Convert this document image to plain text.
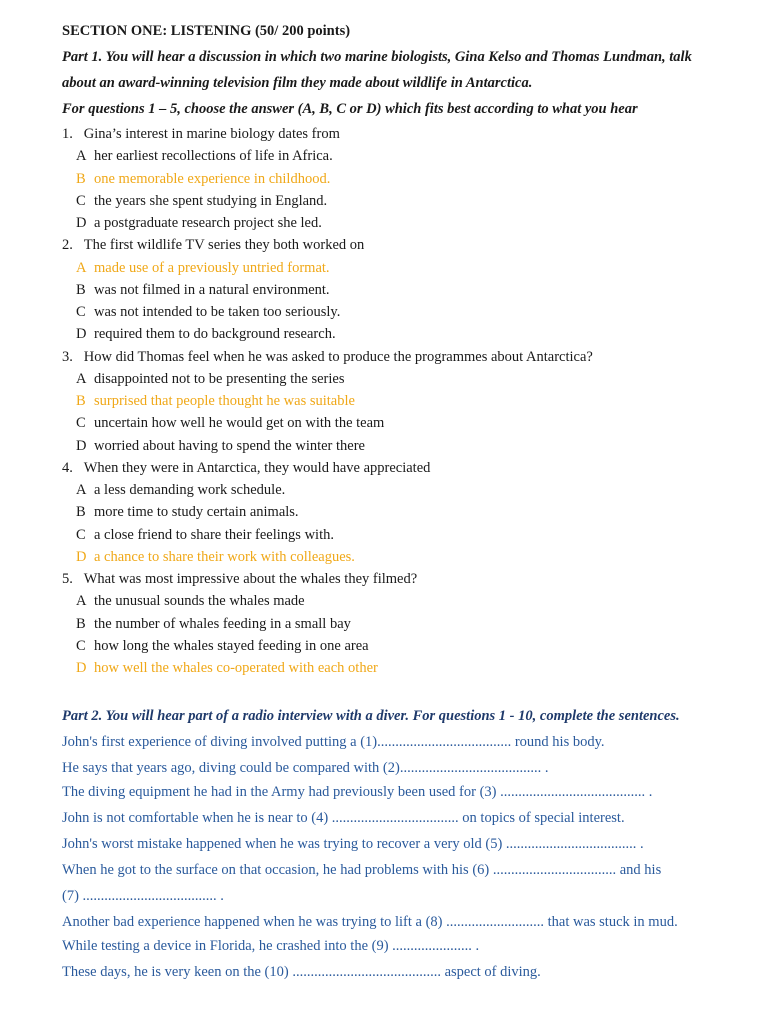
SECTION ONE: LISTENING (50/ 200 points)
Part 1. You will hear a discussion in which two marine biologists, Gina Kelso and Thomas Lundman, talk
about an award-winning television film they made about wildlife in Antarctica.
For questions 1 – 5, choose the answer (A, B, C or D) which fits best according to what you hear
1. Gina’s interest in marine biology dates from
A her earliest recollections of life in Africa.
B one memorable experience in childhood.
C the years she spent studying in England.
D a postgraduate research project she led.
2. The first wildlife TV series they both worked on
A made use of a previously untried format.
B was not filmed in a natural environment.
C was not intended to be taken too seriously.
D required them to do background research.
3. How did Thomas feel when he was asked to produce the programmes about Antarctica?
A disappointed not to be presenting the series
B surprised that people thought he was suitable
C uncertain how well he would get on with the team
D worried about having to spend the winter there
4. When they were in Antarctica, they would have appreciated
A a less demanding work schedule.
B more time to study certain animals.
C a close friend to share their feelings with.
D a chance to share their work with colleagues.
5. What was most impressive about the whales they filmed?
A the unusual sounds the whales made
B the number of whales feeding in a small bay
C how long the whales stayed feeding in one area
D how well the whales co-operated with each other
Part 2. You will hear part of a radio interview with a diver. For questions 1 - 10, complete the sentences.
John's first experience of diving involved putting a (1)..................................... round his body.
He says that years ago, diving could be compared with (2)....................................... .
The diving equipment he had in the Army had previously been used for (3) ........................................ .
John is not comfortable when he is near to (4) ................................... on topics of special interest.
John's worst mistake happened when he was trying to recover a very old (5) .................................... .
When he got to the surface on that occasion, he had problems with his (6) .................................. and his
(7) ..................................... .
Another bad experience happened when he was trying to lift a (8) ........................... that was stuck in mud.
While testing a device in Florida, he crashed into the (9) ...................... .
These days, he is very keen on the (10) ......................................... aspect of diving.
